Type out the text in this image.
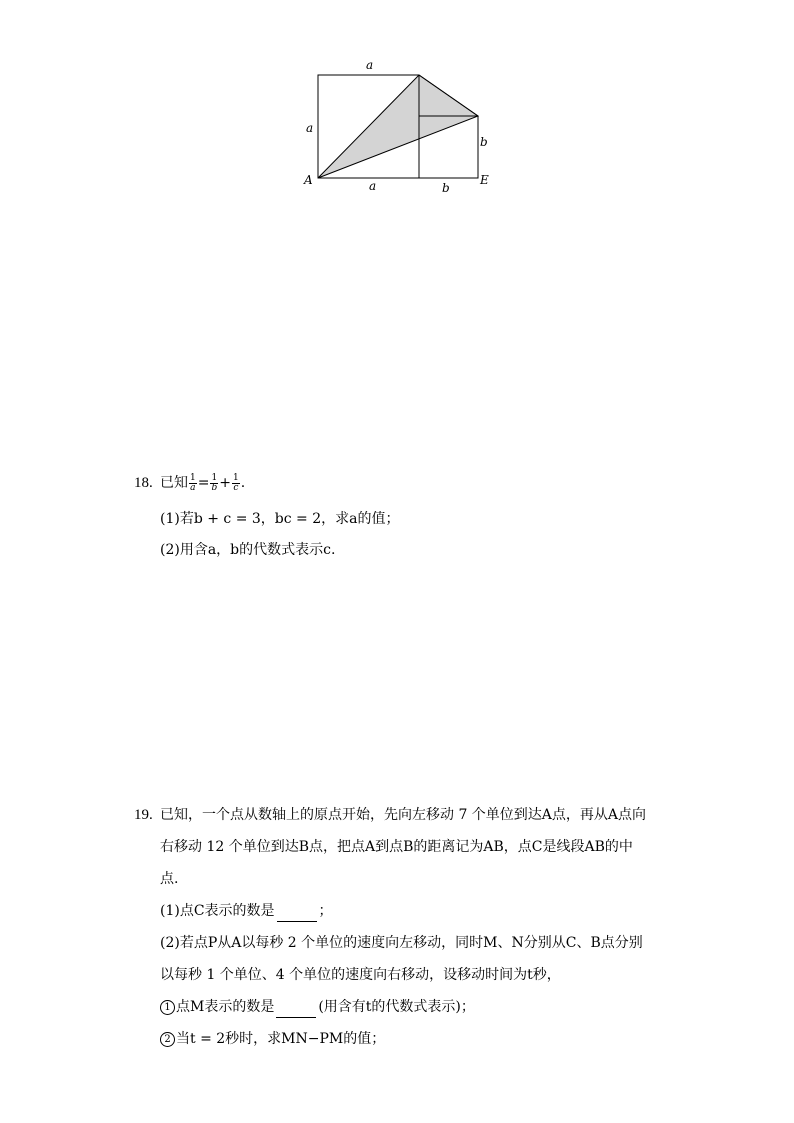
a
a
a	b
b
A	E
18. 已知 $\frac{1}{a} = \frac{1}{b} + \frac{1}{c}$ .
(1)若b + c = 3，bc = 2，求a的值；
(2)用含a，b的代数式表示c.
19. 已知，一个点从数轴上的原点开始，先向左移动 7 个单位到达A点，再从A点向
右移动 12 个单位到达B点，把点A到点B的距离记为AB，点C是线段AB的中
点.
(1)点C表示的数是	；
(2)若点P从A以每秒 2 个单位的速度向左移动，同时M、N分别从C、B点分别
以每秒 1 个单位、4 个单位的速度向右移动，设移动时间为t秒，
1 点M表示的数是	(用含有t的代数式表示)；
2 当t = 2秒时，求MN−PM的值；
